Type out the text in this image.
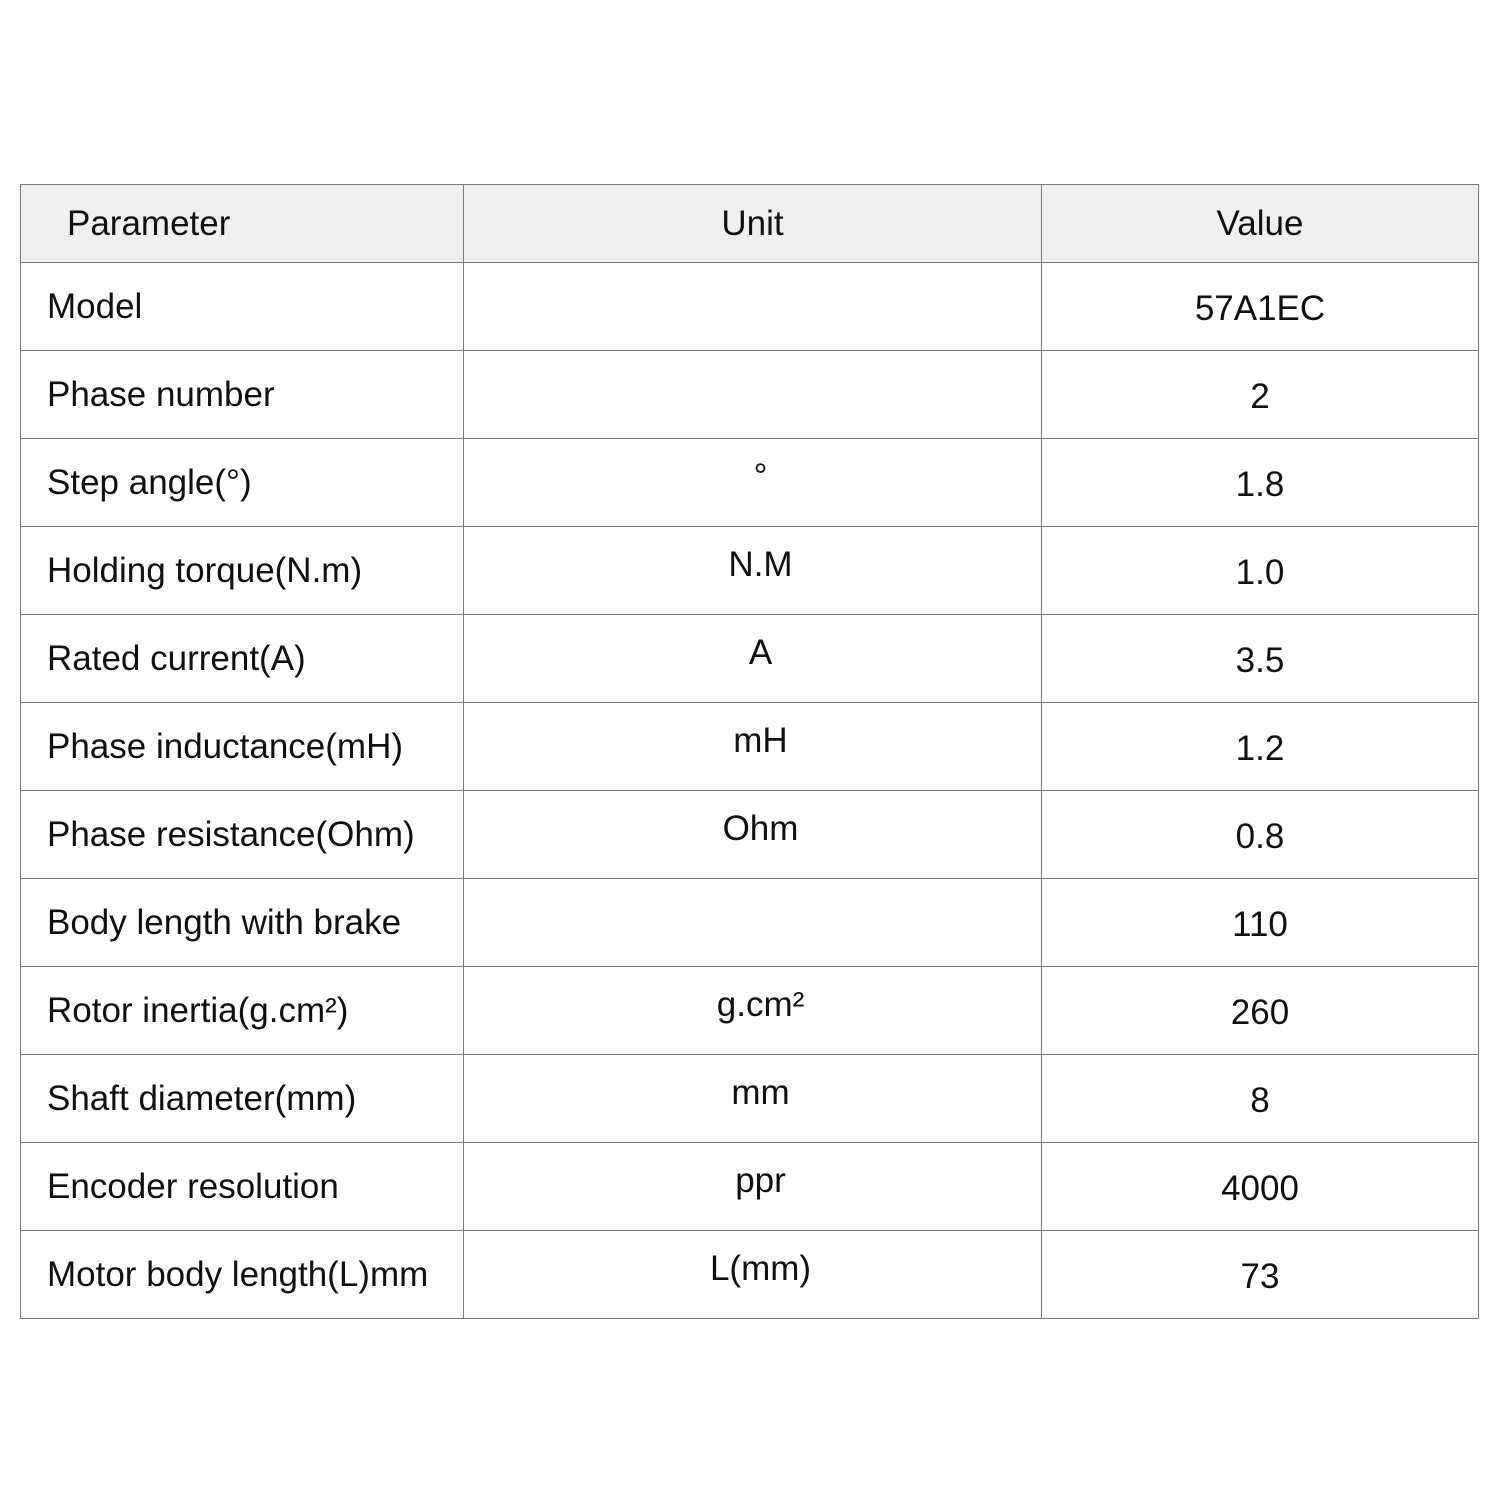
Parameter	Unit	Value
Model		57A1EC
Phase number		2
Step angle(°)	°	1.8
Holding torque(N.m)	N.M	1.0
Rated current(A)	A	3.5
Phase inductance(mH)	mH	1.2
Phase resistance(Ohm)	Ohm	0.8
Body length with brake		110
Rotor inertia(g.cm²)	g.cm²	260
Shaft diameter(mm)	mm	8
Encoder resolution	ppr	4000
Motor body length(L)mm	L(mm)	73
